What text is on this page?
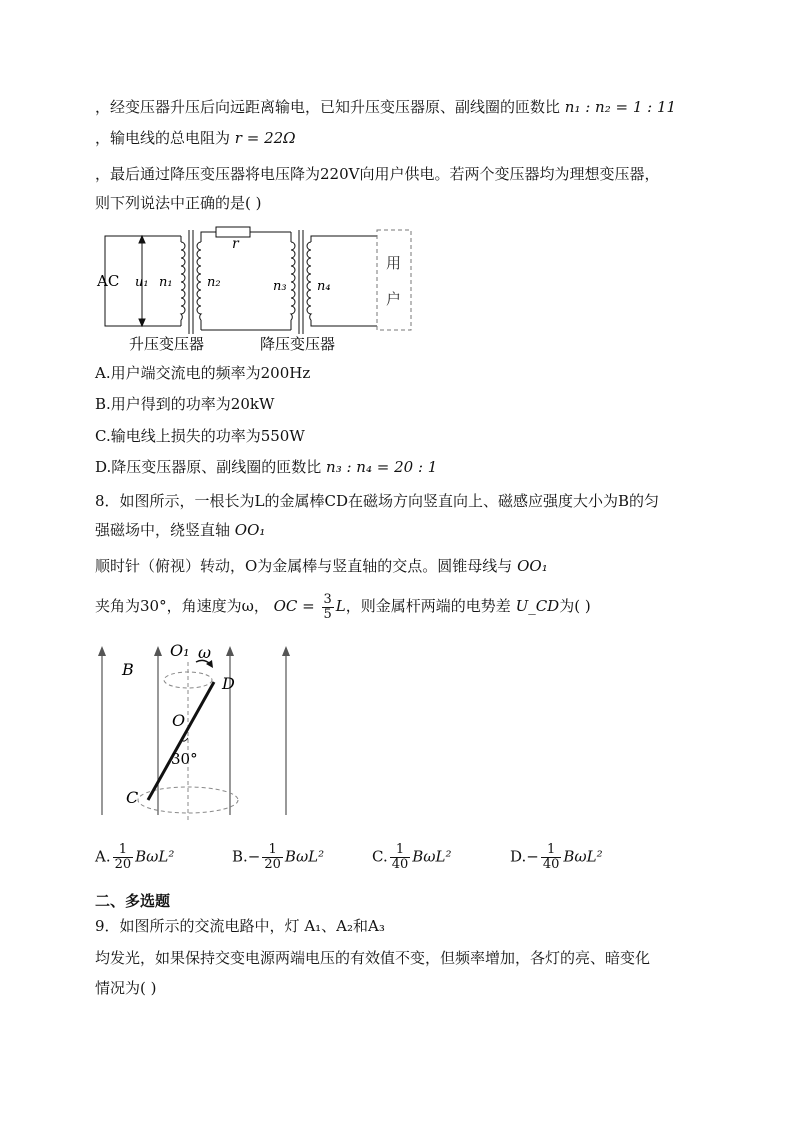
，经变压器升压后向远距离输电，已知升压变压器原、副线圈的匝数比 n₁ : n₂ = 1 : 11
，输电线的总电阻为 r = 22Ω
，最后通过降压变压器将电压降为220V向用户供电。若两个变压器均为理想变压器，
则下列说法中正确的是( )
AC u₁ n₁	n₂
r
n₃ n₄
用
户
升压变压器	降压变压器
A.用户端交流电的频率为200Hz
B.用户得到的功率为20kW
C.输电线上损失的功率为550W
D.降压变压器原、副线圈的匝数比 n₃ : n₄ = 20 : 1
8．如图所示，一根长为L的金属棒CD在磁场方向竖直向上、磁感应强度大小为B的匀
强磁场中，绕竖直轴 OO₁
顺时针（俯视）转动，O为金属棒与竖直轴的交点。圆锥母线与 OO₁
夹角为30°，角速度为ω， OC = $\frac{3}{5}$ L，则金属杆两端的电势差 U_CD为( )
B
O₁ ω
D
O
30°
C
A. $\frac{1}{20} B\omega L^2$	$B.- \frac{1}{20} B\omega L^2$	C. $\frac{1}{40} B\omega L^2$	$D.- \frac{1}{40} B\omega L^2$
二、多选题
9．如图所示的交流电路中，灯 A₁、A₂和A₃
均发光，如果保持交变电源两端电压的有效值不变，但频率增加，各灯的亮、暗变化
情况为( )
